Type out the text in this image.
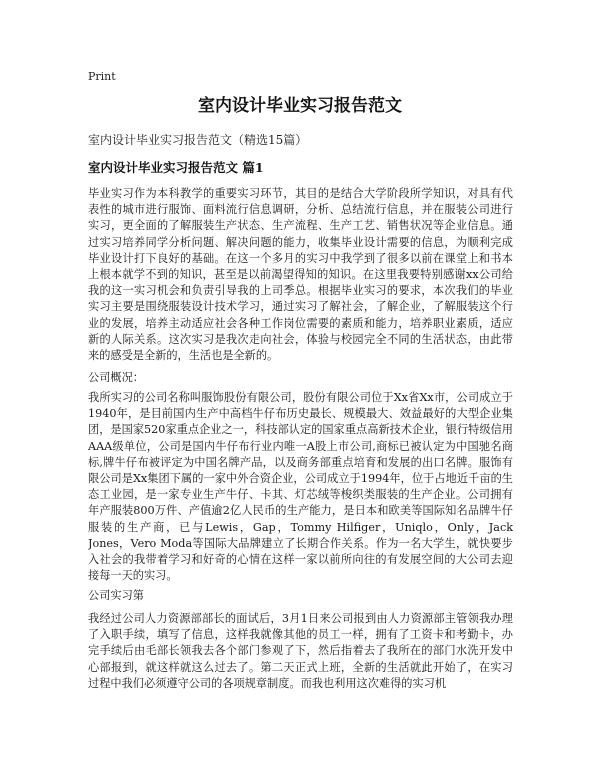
Print
室内设计毕业实习报告范文
室内设计毕业实习报告范文（精选15篇）
室内设计毕业实习报告范文 篇1

毕业实习作为本科教学的重要实习环节，其目的是结合大学阶段所学知识，对具有代表性的城市进行服饰、面料流行信息调研，分析、总结流行信息，并在服装公司进行实习，更全面的了解服装生产状态、生产流程、生产工艺、销售状况等企业信息。通过实习培养同学分析问题、解决问题的能力，收集毕业设计需要的信息，为顺利完成毕业设计打下良好的基础。在这一个多月的实习中我学到了很多以前在课堂上和书本上根本就学不到的知识，甚至是以前渴望得知的知识。在这里我要特别感谢xx公司给我的这一实习机会和负责引导我的上司季总。根据毕业实习的要求，本次我们的毕业实习主要是围绕服装设计技术学习，通过实习了解社会，了解企业，了解服装这个行业的发展，培养主动适应社会各种工作岗位需要的素质和能力，培养职业素质，适应新的人际关系。这次实习是我次走向社会，体验与校园完全不同的生活状态，由此带来的感受是全新的，生活也是全新的。

公司概况：

我所实习的公司名称叫服饰股份有限公司，股份有限公司位于Xx省Xx市，公司成立于1940年，是目前国内生产中高档牛仔布历史最长、规模最大、效益最好的大型企业集团，是国家520家重点企业之一，科技部认定的国家重点高新技术企业，银行特级信用AAA级单位，公司是国内牛仔布行业内唯一A股上市公司,商标已被认定为中国驰名商标,牌牛仔布被评定为中国名牌产品，以及商务部重点培育和发展的出口名牌。服饰有限公司是Xx集团下属的一家中外合资企业，公司成立于1994年，位于占地近千亩的生态工业园，是一家专业生产牛仔、卡其、灯芯绒等梭织类服装的生产企业。公司拥有年产服装800万件、产值逾2亿人民币的生产能力，是日本和欧美等国际知名品牌牛仔服装的生产商，已与Lewis，Gap，Tommy Hilfiger，Uniqlo，Only，Jack Jones，Vero Moda等国际大品牌建立了长期合作关系。作为一名大学生，就快要步入社会的我带着学习和好奇的心情在这样一家以前所向往的有发展空间的大公司去迎接每一天的实习。

公司实习第

我经过公司人力资源部部长的面试后，3月1日来公司报到由人力资源部主管领我办理了入职手续，填写了信息，这样我就像其他的员工一样，拥有了工资卡和考勤卡，办完手续后由毛部长领我去各个部门参观了下，然后指着去了我所在的部门水洗开发中心部报到，就这样就这么过去了。第二天正式上班，全新的生活就此开始了，在实习过程中我们必须遵守公司的各项规章制度。而我也利用这次难得的实习机
